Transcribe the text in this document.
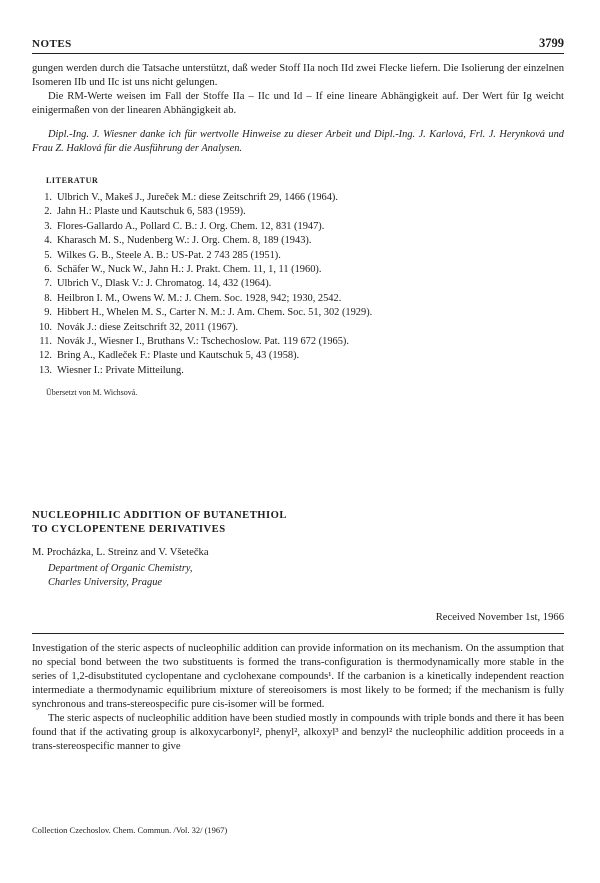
NOTES	3799

gungen werden durch die Tatsache unterstützt, daß weder Stoff IIa noch IId zwei Flecke liefern. Die Isolierung der einzelnen Isomeren IIb und IIc ist uns nicht gelungen.

Die RM-Werte weisen im Fall der Stoffe IIa – IIc und Id – If eine lineare Abhängigkeit auf. Der Wert für Ig weicht einigermaßen von der linearen Abhängigkeit ab.

Dipl.-Ing. J. Wiesner danke ich für wertvolle Hinweise zu dieser Arbeit und Dipl.-Ing. J. Karlová, Frl. J. Herynková und Frau Z. Haklová für die Ausführung der Analysen.

LITERATUR
1. Ulbrich V., Makeš J., Jureček M.: diese Zeitschrift 29, 1466 (1964).
2. Jahn H.: Plaste und Kautschuk 6, 583 (1959).
3. Flores-Gallardo A., Pollard C. B.: J. Org. Chem. 12, 831 (1947).
4. Kharasch M. S., Nudenberg W.: J. Org. Chem. 8, 189 (1943).
5. Wilkes G. B., Steele A. B.: US-Pat. 2 743 285 (1951).
6. Schäfer W., Nuck W., Jahn H.: J. Prakt. Chem. 11, 1, 11 (1960).
7. Ulbrich V., Dlask V.: J. Chromatog. 14, 432 (1964).
8. Heilbron I. M., Owens W. M.: J. Chem. Soc. 1928, 942; 1930, 2542.
9. Hibbert H., Whelen M. S., Carter N. M.: J. Am. Chem. Soc. 51, 302 (1929).
10. Novák J.: diese Zeitschrift 32, 2011 (1967).
11. Novák J., Wiesner I., Bruthans V.: Tschechoslow. Pat. 119 672 (1965).
12. Bring A., Kadleček F.: Plaste und Kautschuk 5, 43 (1958).
13. Wiesner I.: Private Mitteilung.
Übersetzt von M. Wichsová.
NUCLEOPHILIC ADDITION OF BUTANETHIOL
TO CYCLOPENTENE DERIVATIVES
M. Procházka, L. Streinz and V. Všetečka
Department of Organic Chemistry,
Charles University, Prague
Received November 1st, 1966

Investigation of the steric aspects of nucleophilic addition can provide information on its mechanism. On the assumption that no special bond between the two substituents is formed the trans-configuration is thermodynamically more stable in the series of 1,2-disubstituted cyclopentane and cyclohexane compounds¹. If the carbanion is a kinetically independent reaction intermediate a thermodynamic equilibrium mixture of stereoisomers is most likely to be formed; if the mechanism is fully synchronous and trans-stereospecific pure cis-isomer will be formed.

The steric aspects of nucleophilic addition have been studied mostly in compounds with triple bonds and there it has been found that if the activating group is alkoxycarbonyl², phenyl², alkoxyl³ and benzyl² the nucleophilic addition proceeds in a trans-stereospecific manner to give

Collection Czechoslov. Chem. Commun. /Vol. 32/ (1967)
